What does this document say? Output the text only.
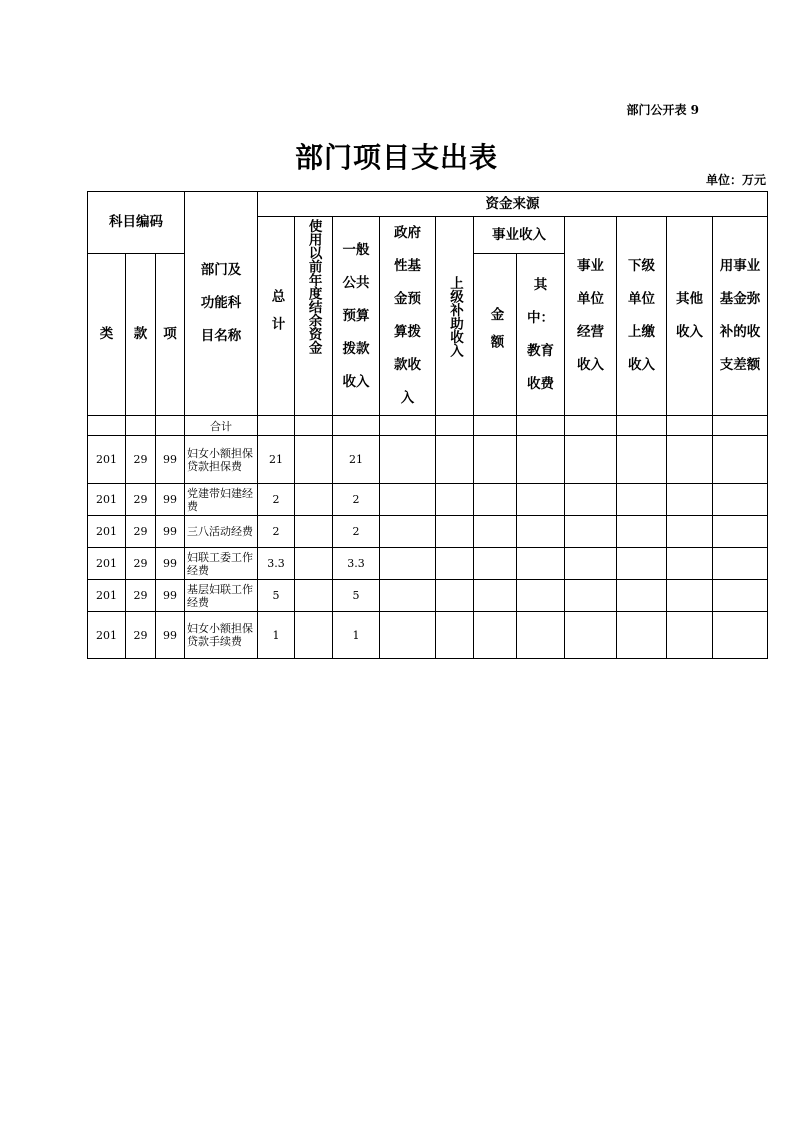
部门公开表 9
部门项目支出表
单位：万元
科目编码			部门及功能科目名称	资金来源										

				总计	使用以前年度结余资金	一般公共预算拨款收入	政府性基金预算拨款收入	上级补助收入	事业收入		事业单位经营收入	下级单位上缴收入	其他收入	用事业基金弥补的收支差额
类	款	项							金额	其中：教育收费				
			合计											
201	29	99	妇女小额担保贷款担保费	21		21								
201	29	99	党建带妇建经费	2		2								
201	29	99	三八活动经费	2		2								
201	29	99	妇联工委工作经费	3.3		3.3								
201	29	99	基层妇联工作经费	5		5								
201	29	99	妇女小额担保贷款手续费	1		1								
